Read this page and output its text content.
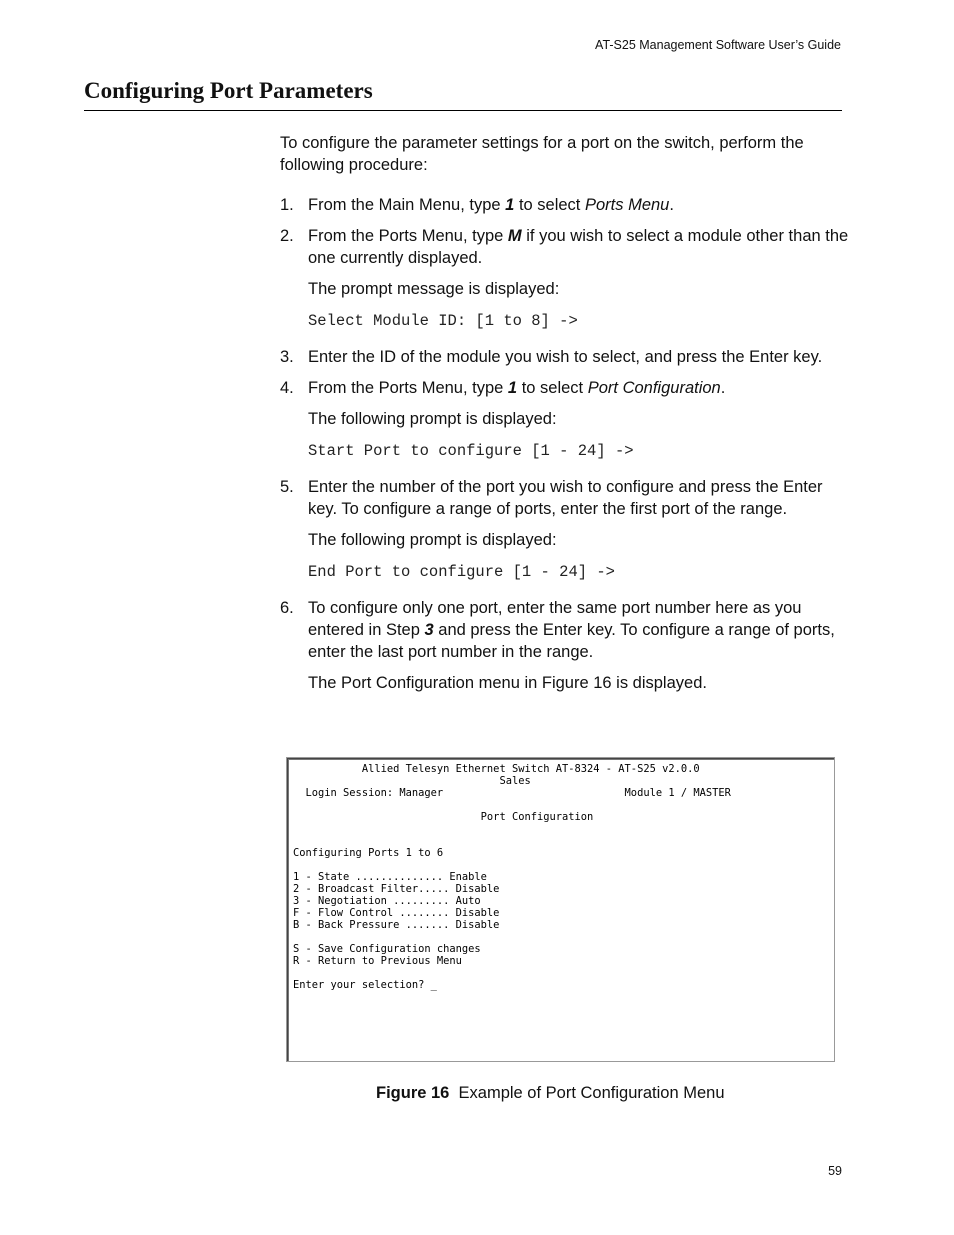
AT-S25 Management Software User’s Guide
Configuring Port Parameters

To configure the parameter settings for a port on the switch, perform the following procedure:

1. From the Main Menu, type 1 to select Ports Menu.
2. From the Ports Menu, type M if you wish to select a module other than the one currently displayed.

The prompt message is displayed:

Select Module ID: [1 to 8] ->
3. Enter the ID of the module you wish to select, and press the Enter key.
4. From the Ports Menu, type 1 to select Port Configuration.

The following prompt is displayed:

Start Port to configure [1 - 24] ->
5. Enter the number of the port you wish to configure and press the Enter key. To configure a range of ports, enter the first port of the range.

The following prompt is displayed:

End Port to configure [1 - 24] ->
6. To configure only one port, enter the same port number here as you entered in Step 3 and press the Enter key. To configure a range of ports, enter the last port number in the range.

The Port Configuration menu in Figure 16 is displayed.

Allied Telesyn Ethernet Switch AT-8324 - AT-S25 v2.0.0
Sales
Login Session: Manager                             Module 1 / MASTER

Port Configuration

Configuring Ports 1 to 6

1 - State .............. Enable
2 - Broadcast Filter..... Disable
3 - Negotiation ......... Auto
F - Flow Control ........ Disable
B - Back Pressure ....... Disable

S - Save Configuration changes
R - Return to Previous Menu

Enter your selection? _
Figure 16 Example of Port Configuration Menu
59
